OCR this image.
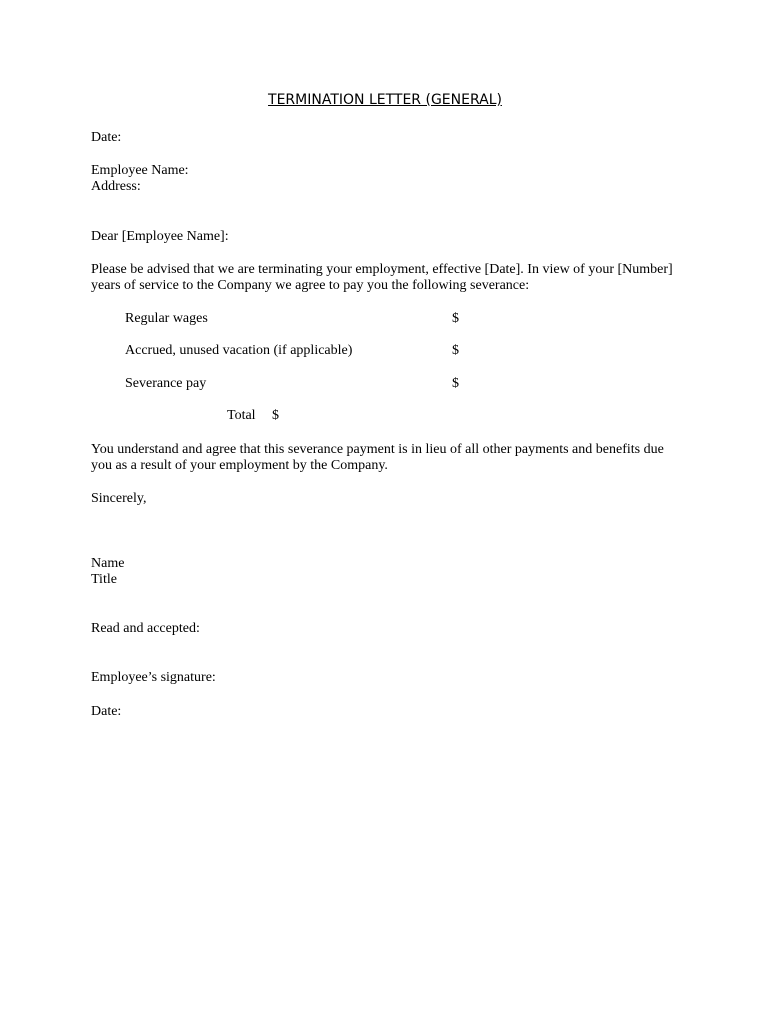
TERMINATION LETTER (GENERAL)
Date:
Employee Name:
Address:
Dear [Employee Name]:
Please be advised that we are terminating your employment, effective [Date]. In view of your [Number]
years of service to the Company we agree to pay you the following severance:
Regular wages	$
Accrued, unused vacation (if applicable)	$
Severance pay	$
Total $
You understand and agree that this severance payment is in lieu of all other payments and benefits due
you as a result of your employment by the Company.
Sincerely,
Name
Title
Read and accepted:
Employee’s signature:
Date:
